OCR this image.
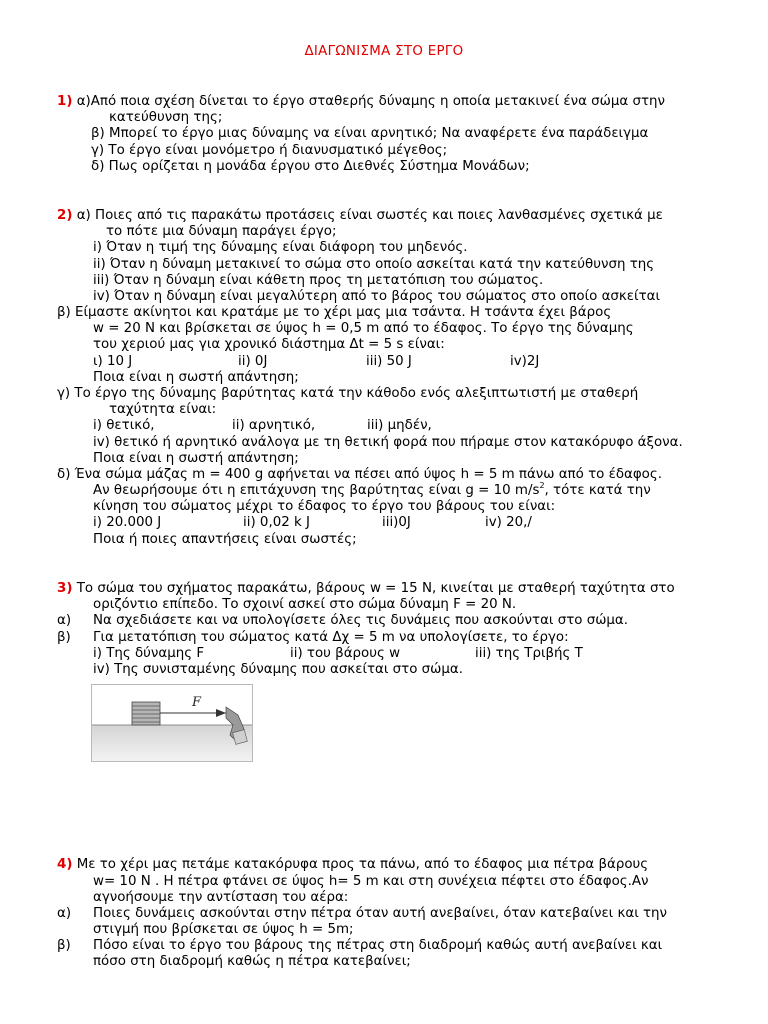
ΔΙΑΓΩΝΙΣΜΑ ΣΤΟ ΕΡΓΟ
1) α)Από ποια σχέση δίνεται το έργο σταθερής δύναμης η οποία μετακινεί ένα σώμα στην
κατεύθυνση της;
β) Μπορεί το έργο μιας δύναμης να είναι αρνητικό; Να αναφέρετε ένα παράδειγμα
γ) Το έργο είναι μονόμετρο ή διανυσματικό μέγεθος;
δ) Πως ορίζεται η μονάδα έργου στο Διεθνές Σύστημα Μονάδων;
2) α) Ποιες από τις παρακάτω προτάσεις είναι σωστές και ποιες λανθασμένες σχετικά με
το πότε μια δύναμη παράγει έργο;
i) Όταν η τιμή της δύναμης είναι διάφορη του μηδενός.
ii) Όταν η δύναμη μετακινεί το σώμα στο οποίο ασκείται κατά την κατεύθυνση της
iii) Όταν η δύναμη είναι κάθετη προς τη μετατόπιση του σώματος.
iv) Όταν η δύναμη είναι μεγαλύτερη από το βάρος του σώματος στο οποίο ασκείται
β) Είμαστε ακίνητοι και κρατάμε με το χέρι μας μια τσάντα. Η τσάντα έχει βάρος
w = 20 N και βρίσκεται σε ύψος h = 0,5 m από το έδαφος. Το έργο της δύναμης
του χεριού μας για χρονικό διάστημα Δt = 5 s είναι:
ι) 10 J	ii) 0J	iii) 50 J	iv)2J
Ποια είναι η σωστή απάντηση;
γ) Το έργο της δύναμης βαρύτητας κατά την κάθοδο ενός αλεξιπτωτιστή με σταθερή
ταχύτητα είναι:
i) θετικό,	ii) αρνητικό,	iii) μηδέν,
iv) θετικό ή αρνητικό ανάλογα με τη θετική φορά που πήραμε στον κατακόρυφο άξονα.
Ποια είναι η σωστή απάντηση;
δ) Ένα σώμα μάζας m = 400 g αφήνεται να πέσει από ύψος h = 5 m πάνω από το έδαφος.
Αν θεωρήσουμε ότι η επιτάχυνση της βαρύτητας είναι g = 10 $m/s^2$, τότε κατά την
κίνηση του σώματος μέχρι το έδαφος το έργο του βάρους του είναι:
i) 20.000 J	ii) 0,02 k J	iii)0J	iv) 20,/
Ποια ή ποιες απαντήσεις είναι σωστές;
3) Το σώμα του σχήματος παρακάτω, βάρους w = 15 N, κινείται με σταθερή ταχύτητα στο
οριζόντιο επίπεδο. Το σχοινί ασκεί στο σώμα δύναμη F = 20 N.
α) Να σχεδιάσετε και να υπολογίσετε όλες τις δυνάμεις που ασκούνται στο σώμα.
β) Για μετατόπιση του σώματος κατά Δχ = 5 m να υπολογίσετε, το έργο:
i) Της δύναμης F	ii) του βάρους w	iii) της Τριβής Τ
iv) Της συνισταμένης δύναμης που ασκείται στο σώμα.
F
4) Με το χέρι μας πετάμε κατακόρυφα προς τα πάνω, από το έδαφος μια πέτρα βάρους
w= 10 N . Η πέτρα φτάνει σε ύψος h= 5 m και στη συνέχεια πέφτει στο έδαφος.Αν
αγνοήσουμε την αντίσταση του αέρα:
α) Ποιες δυνάμεις ασκούνται στην πέτρα όταν αυτή ανεβαίνει, όταν κατεβαίνει και την
στιγμή που βρίσκεται σε ύψος h = 5m;
β) Πόσο είναι το έργο του βάρους της πέτρας στη διαδρομή καθώς αυτή ανεβαίνει και
πόσο στη διαδρομή καθώς η πέτρα κατεβαίνει;
